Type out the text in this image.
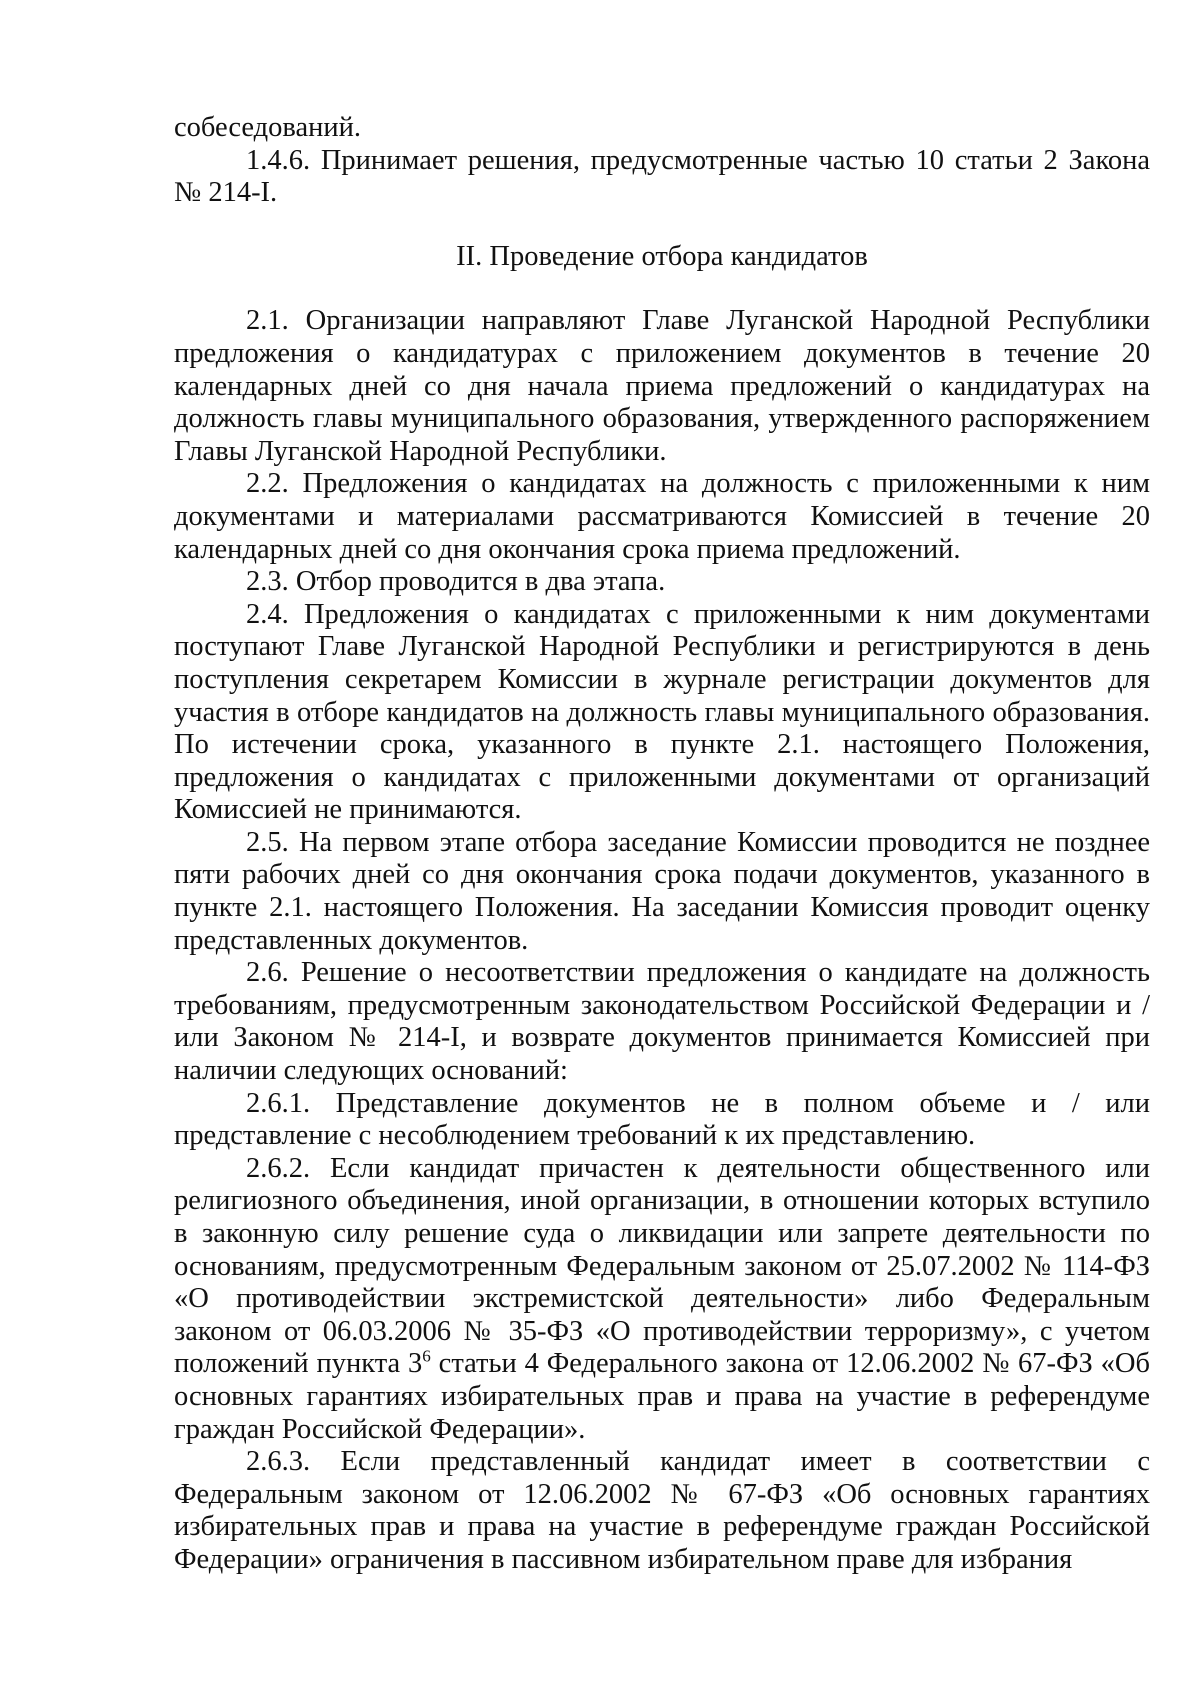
собеседований.

1.4.6. Принимает решения, предусмотренные частью 10 статьи 2 Закона № 214-I.

II. Проведение отбора кандидатов

2.1. Организации направляют Главе Луганской Народной Республики предложения о кандидатурах с приложением документов в течение 20 календарных дней со дня начала приема предложений о кандидатурах на должность главы муниципального образования, утвержденного распоряжением Главы Луганской Народной Республики.

2.2. Предложения о кандидатах на должность с приложенными к ним документами и материалами рассматриваются Комиссией в течение 20 календарных дней со дня окончания срока приема предложений.

2.3. Отбор проводится в два этапа.

2.4. Предложения о кандидатах с приложенными к ним документами поступают Главе Луганской Народной Республики и регистрируются в день поступления секретарем Комиссии в журнале регистрации документов для участия в отборе кандидатов на должность главы муниципального образования. По истечении срока, указанного в пункте 2.1. настоящего Положения, предложения о кандидатах с приложенными документами от организаций Комиссией не принимаются.

2.5. На первом этапе отбора заседание Комиссии проводится не позднее пяти рабочих дней со дня окончания срока подачи документов, указанного в пункте 2.1. настоящего Положения. На заседании Комиссия проводит оценку представленных документов.

2.6. Решение о несоответствии предложения о кандидате на должность требованиям, предусмотренным законодательством Российской Федерации и / или Законом № 214-I, и возврате документов принимается Комиссией при наличии следующих оснований:

2.6.1. Представление документов не в полном объеме и / или представление с несоблюдением требований к их представлению.

2.6.2. Если кандидат причастен к деятельности общественного или религиозного объединения, иной организации, в отношении которых вступило в законную силу решение суда о ликвидации или запрете деятельности по основаниям, предусмотренным Федеральным законом от 25.07.2002 № 114-ФЗ «О противодействии экстремистской деятельности» либо Федеральным законом от 06.03.2006 № 35-ФЗ «О противодействии терроризму», с учетом положений пункта $3^6$ статьи 4 Федерального закона от 12.06.2002 № 67-ФЗ «Об основных гарантиях избирательных прав и права на участие в референдуме граждан Российской Федерации».

2.6.3. Если представленный кандидат имеет в соответствии с Федеральным законом от 12.06.2002 № 67-ФЗ «Об основных гарантиях избирательных прав и права на участие в референдуме граждан Российской Федерации» ограничения в пассивном избирательном праве для избрания
